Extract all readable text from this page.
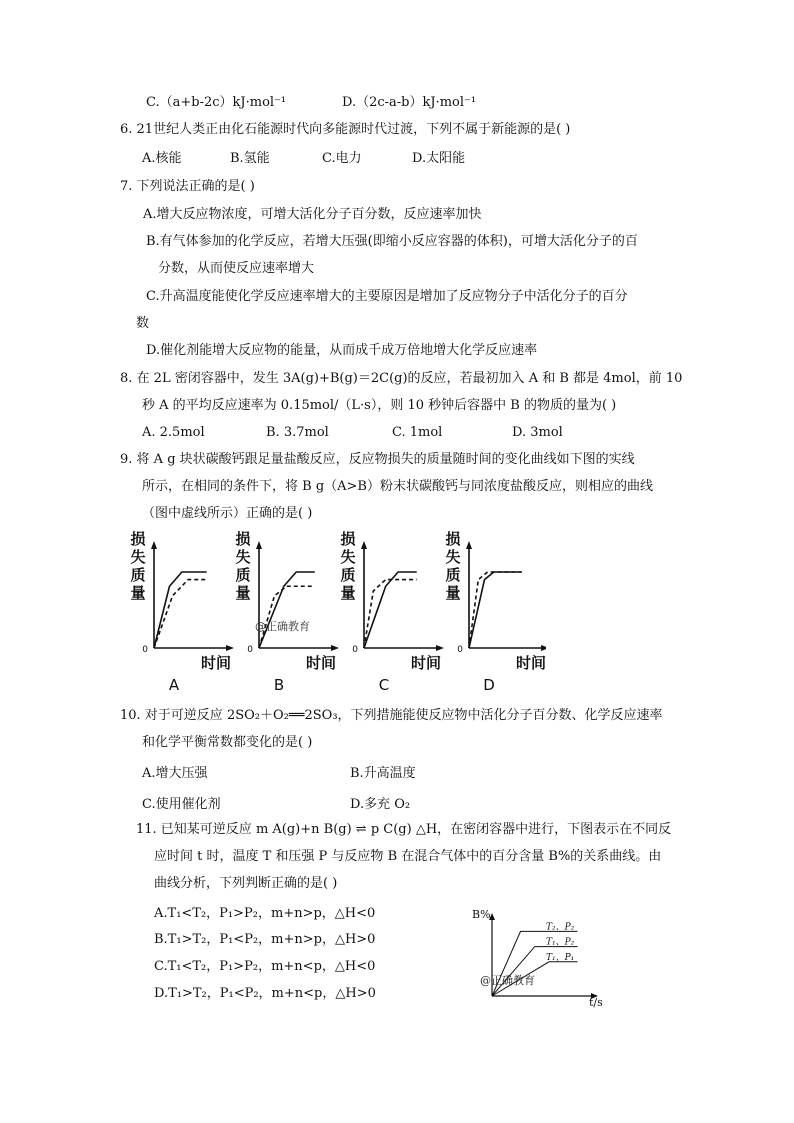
C.（a+b-2c）kJ·mol⁻¹	D.（2c-a-b）kJ·mol⁻¹
6. 21世纪人类正由化石能源时代向多能源时代过渡，下列不属于新能源的是( )
A.核能	B.氢能	C.电力	D.太阳能
7. 下列说法正确的是( )
A.增大反应物浓度，可增大活化分子百分数，反应速率加快
B.有气体参加的化学反应，若增大压强(即缩小反应容器的体积)，可增大活化分子的百
分数，从而使反应速率增大
C.升高温度能使化学反应速率增大的主要原因是增加了反应物分子中活化分子的百分
数
D.催化剂能增大反应物的能量，从而成千成万倍地增大化学反应速率
8. 在 2L 密闭容器中，发生 3A(g)+B(g)＝2C(g)的反应，若最初加入 A 和 B 都是 4mol，前 10
秒 A 的平均反应速率为 0.15mol/（L·s），则 10 秒钟后容器中 B 的物质的量为( )
A. 2.5mol	B. 3.7mol	C. 1mol	D. 3mol
9. 将 A g 块状碳酸钙跟足量盐酸反应，反应物损失的质量随时间的变化曲线如下图的实线
所示，在相同的条件下，将 B g（A>B）粉末状碳酸钙与同浓度盐酸反应，则相应的曲线
（图中虚线所示）正确的是( )
损失质量
0
时间
A
损失质量
0
时间
B
@正确教育
损失质量
0
时间
C
损失质量
0
时间
D
10. 对于可逆反应 2SO₂＋O₂══2SO₃，下列措施能使反应物中活化分子百分数、化学反应速率
和化学平衡常数都变化的是( )
A.增大压强	B.升高温度
C.使用催化剂	D.多充 O₂
11. 已知某可逆反应 m A(g)+n B(g) ⇌ p C(g) △H，在密闭容器中进行，下图表示在不同反
应时间 t 时，温度 T 和压强 P 与反应物 B 在混合气体中的百分含量 B%的关系曲线。由
曲线分析，下列判断正确的是( )
A.T₁<T₂，P₁>P₂，m+n>p，△H<0
B.T₁>T₂，P₁<P₂，m+n>p，△H>0
C.T₁<T₂，P₁>P₂，m+n<p，△H<0
D.T₁>T₂，P₁<P₂，m+n<p，△H>0
B%
t/s
T₂、P₂
T₁、P₂
T₁、P₁
@正确教育
